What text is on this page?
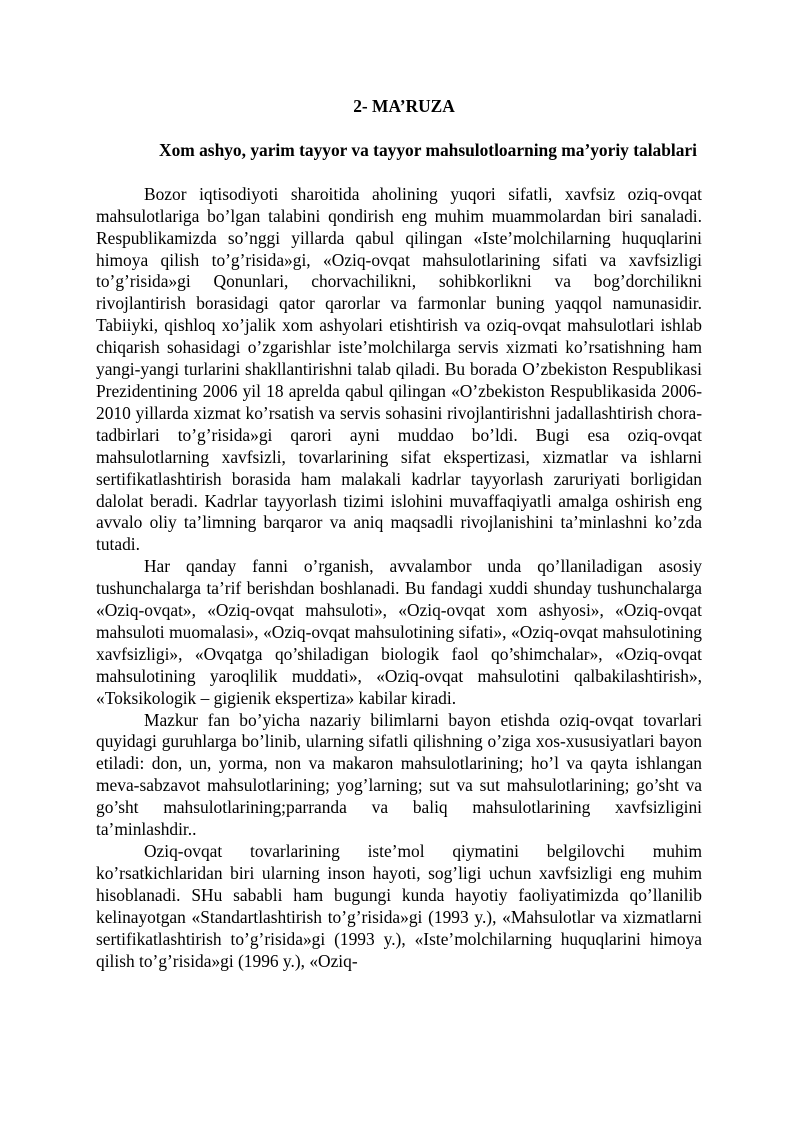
2- MA’RUZA
Xom ashyo, yarim tayyor va tayyor mahsulotloarning ma’yoriy talablari

Bozor iqtisodiyoti sharoitida aholining yuqori sifatli, xavfsiz oziq-ovqat mahsulotlariga bo’lgan talabini qondirish eng muhim muammolardan biri sanaladi. Respublikamizda so’nggi yillarda qabul qilingan «Iste’molchilarning huquqlarini himoya qilish to’g’risida»gi, «Oziq-ovqat mahsulotlarining sifati va xavfsizligi to’g’risida»gi Qonunlari, chorvachilikni, sohibkorlikni va bog’dorchilikni rivojlantirish borasidagi qator qarorlar va farmonlar buning yaqqol namunasidir. Tabiiyki, qishloq xo’jalik xom ashyolari etishtirish va oziq-ovqat mahsulotlari ishlab chiqarish sohasidagi o’zgarishlar iste’molchilarga servis xizmati ko’rsatishning ham yangi-yangi turlarini shakllantirishni talab qiladi. Bu borada O’zbekiston Respublikasi Prezidentining 2006 yil 18 aprelda qabul qilingan «O’zbekiston Respublikasida 2006-2010 yillarda xizmat ko’rsatish va servis sohasini rivojlantirishni jadallashtirish chora-tadbirlari to’g’risida»gi qarori ayni muddao bo’ldi. Bugi esa oziq-ovqat mahsulotlarning xavfsizli, tovarlarining sifat ekspertizasi, xizmatlar va ishlarni sertifikatlashtirish borasida ham malakali kadrlar tayyorlash zaruriyati borligidan dalolat beradi. Kadrlar tayyorlash tizimi islohini muvaffaqiyatli amalga oshirish eng avvalo oliy ta’limning barqaror va aniq maqsadli rivojlanishini ta’minlashni ko’zda tutadi.

Har qanday fanni o’rganish, avvalambor unda qo’llaniladigan asosiy tushunchalarga ta’rif berishdan boshlanadi. Bu fandagi xuddi shunday tushunchalarga «Oziq-ovqat», «Oziq-ovqat mahsuloti», «Oziq-ovqat xom ashyosi», «Oziq-ovqat mahsuloti muomalasi», «Oziq-ovqat mahsulotining sifati», «Oziq-ovqat mahsulotining xavfsizligi», «Ovqatga qo’shiladigan biologik faol qo’shimchalar», «Oziq-ovqat mahsulotining yaroqlilik muddati», «Oziq-ovqat mahsulotini qalbakilashtirish», «Toksikologik – gigienik ekspertiza» kabilar kiradi.

Mazkur fan bo’yicha nazariy bilimlarni bayon etishda oziq-ovqat tovarlari quyidagi guruhlarga bo’linib, ularning sifatli qilishning o’ziga xos-xususiyatlari bayon etiladi: don, un, yorma, non va makaron mahsulotlarining; ho’l va qayta ishlangan meva-sabzavot mahsulotlarining; yog’larning; sut va sut mahsulotlarining; go’sht va go’sht mahsulotlarining;parranda va baliq mahsulotlarining xavfsizligini ta’minlashdir..

Oziq-ovqat tovarlarining iste’mol qiymatini belgilovchi muhim ko’rsatkichlaridan biri ularning inson hayoti, sog’ligi uchun xavfsizligi eng muhim hisoblanadi. SHu sababli ham bugungi kunda hayotiy faoliyatimizda qo’llanilib kelinayotgan «Standartlashtirish to’g’risida»gi (1993 y.), «Mahsulotlar va xizmatlarni sertifikatlashtirish to’g’risida»gi (1993 y.), «Iste’molchilarning huquqlarini himoya qilish to’g’risida»gi (1996 y.), «Oziq-
